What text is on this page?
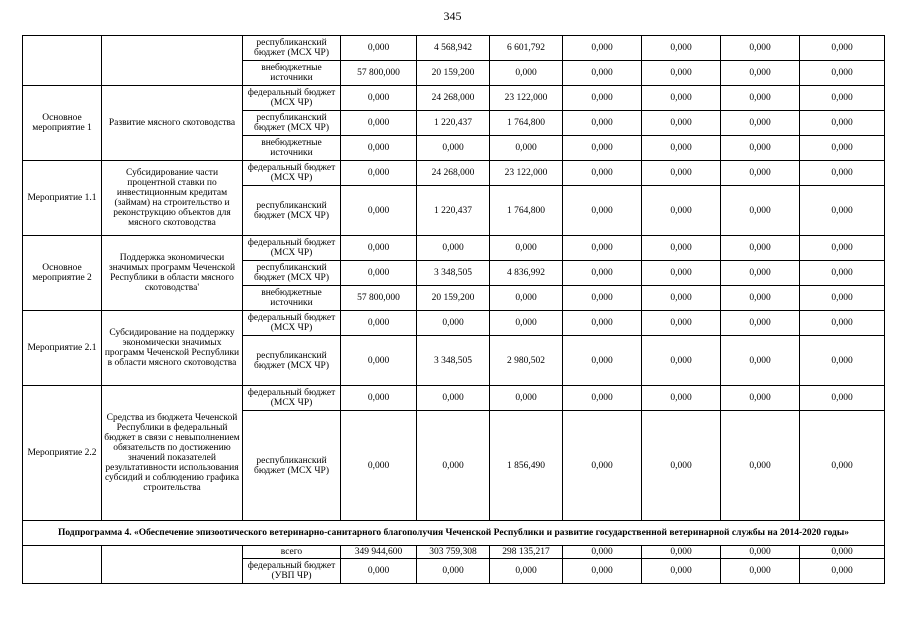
345
		республиканский бюджет (МСХ ЧР)	0,000	4 568,942	6 601,792	0,000	0,000	0,000	0,000
		внебюджетные источники	57 800,000	20 159,200	0,000	0,000	0,000	0,000	0,000
Основное мероприятие 1	Развитие мясного скотоводства	федеральный бюджет (МСХ ЧР)	0,000	24 268,000	23 122,000	0,000	0,000	0,000	0,000
		республиканский бюджет (МСХ ЧР)	0,000	1 220,437	1 764,800	0,000	0,000	0,000	0,000
		внебюджетные источники	0,000	0,000	0,000	0,000	0,000	0,000	0,000
Мероприятие 1.1	Субсидирование части процентной ставки по инвестиционным кредитам (займам) на строительство и реконструкцию объектов для мясного скотоводства	федеральный бюджет (МСХ ЧР)	0,000	24 268,000	23 122,000	0,000	0,000	0,000	0,000
		республиканский бюджет (МСХ ЧР)	0,000	1 220,437	1 764,800	0,000	0,000	0,000	0,000
Основное мероприятие 2	Поддержка экономически значимых программ Чеченской Республики в области мясного скотоводства'	федеральный бюджет (МСХ ЧР)	0,000	0,000	0,000	0,000	0,000	0,000	0,000
		республиканский бюджет (МСХ ЧР)	0,000	3 348,505	4 836,992	0,000	0,000	0,000	0,000
		внебюджетные источники	57 800,000	20 159,200	0,000	0,000	0,000	0,000	0,000
Мероприятие 2.1	Субсидирование на поддержку экономически значимых программ Чеченской Республики в области мясного скотоводства	федеральный бюджет (МСХ ЧР)	0,000	0,000	0,000	0,000	0,000	0,000	0,000
		республиканский бюджет (МСХ ЧР)	0,000	3 348,505	2 980,502	0,000	0,000	0,000	0,000
Мероприятие 2.2	Средства из бюджета Чеченской Республики в федеральный бюджет в связи с невыполнением обязательств по достижению значений показателей результативности использования субсидий и соблюдению графика строительства	федеральный бюджет (МСХ ЧР)	0,000	0,000	0,000	0,000	0,000	0,000	0,000
		республиканский бюджет (МСХ ЧР)	0,000	0,000	1 856,490	0,000	0,000	0,000	0,000
Подпрограмма 4. «Обеспечение эпизоотического ветеринарно-санитарного благополучия Чеченской Республики и развитие государственной ветеринарной службы на 2014-2020 годы»									
		всего	349 944,600	303 759,308	298 135,217	0,000	0,000	0,000	0,000
		федеральный бюджет (УВП ЧР)	0,000	0,000	0,000	0,000	0,000	0,000	0,000
